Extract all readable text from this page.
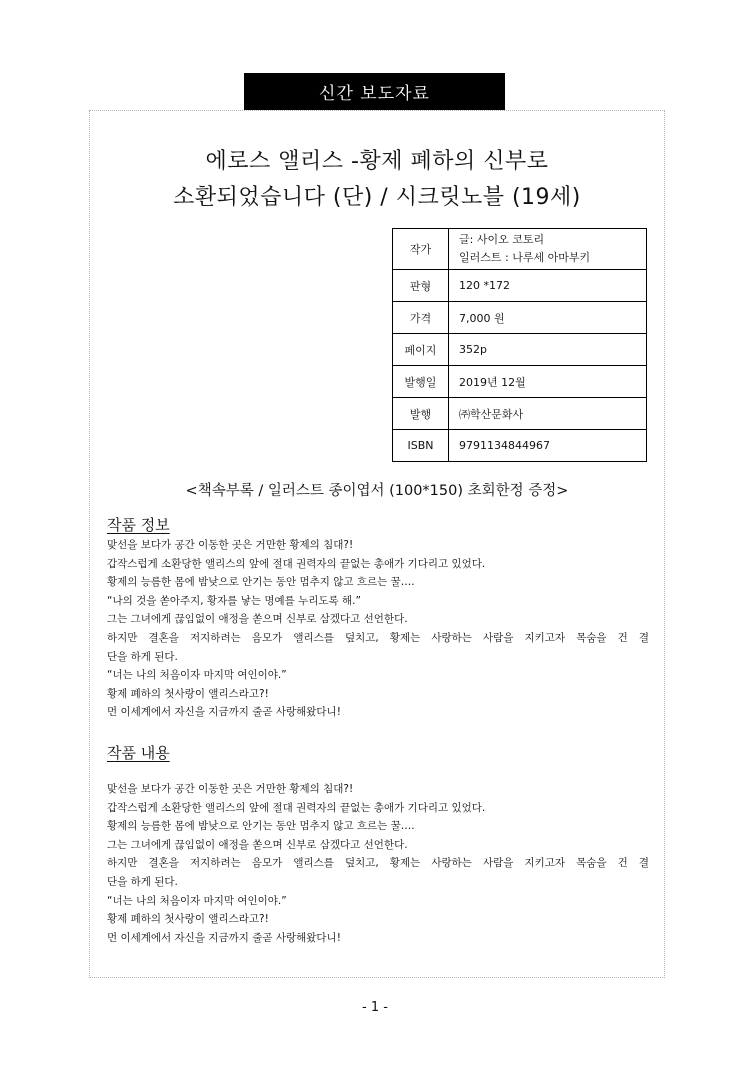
신간 보도자료
에로스 앨리스 -황제 폐하의 신부로
소환되었습니다 (단) / 시크릿노블 (19세)
작가	글: 사이오 코토리
일러스트 : 나루세 아마부키

판형	120 *172
가격	7,000 원
페이지	352p
발행일	2019년 12월
발행	㈜학산문화사
ISBN	9791134844967
<책속부록 / 일러스트 종이엽서 (100*150) 초회한정 증정>
작품 정보

맞선을 보다가 공간 이동한 곳은 거만한 황제의 침대?!

갑작스럽게 소환당한 앨리스의 앞에 절대 권력자의 끝없는 총애가 기다리고 있었다.

황제의 능름한 몸에 밤낮으로 안기는 동안 멈추지 않고 흐르는 꿀….

“나의 것을 쏟아주지, 황자를 낳는 명예를 누리도록 해.”

그는 그녀에게 끊임없이 애정을 쏟으며 신부로 삼겠다고 선언한다.

하지만 결혼을 저지하려는 음모가 앨리스를 덮치고, 황제는 사랑하는 사람을 지키고자 목숨을 건 결

단을 하게 된다.

“너는 나의 처음이자 마지막 여인이야.”

황제 폐하의 첫사랑이 앨리스라고?!

먼 이세계에서 자신을 지금까지 줄곧 사랑해왔다니!

작품 내용

맞선을 보다가 공간 이동한 곳은 거만한 황제의 침대?!

갑작스럽게 소환당한 앨리스의 앞에 절대 권력자의 끝없는 총애가 기다리고 있었다.

황제의 능름한 몸에 밤낮으로 안기는 동안 멈추지 않고 흐르는 꿀….

그는 그녀에게 끊임없이 애정을 쏟으며 신부로 삼겠다고 선언한다.

하지만 결혼을 저지하려는 음모가 앨리스를 덮치고, 황제는 사랑하는 사람을 지키고자 목숨을 건 결

단을 하게 된다.

“너는 나의 처음이자 마지막 여인이야.”

황제 폐하의 첫사랑이 앨리스라고?!

먼 이세계에서 자신을 지금까지 줄곧 사랑해왔다니!

- 1 -
